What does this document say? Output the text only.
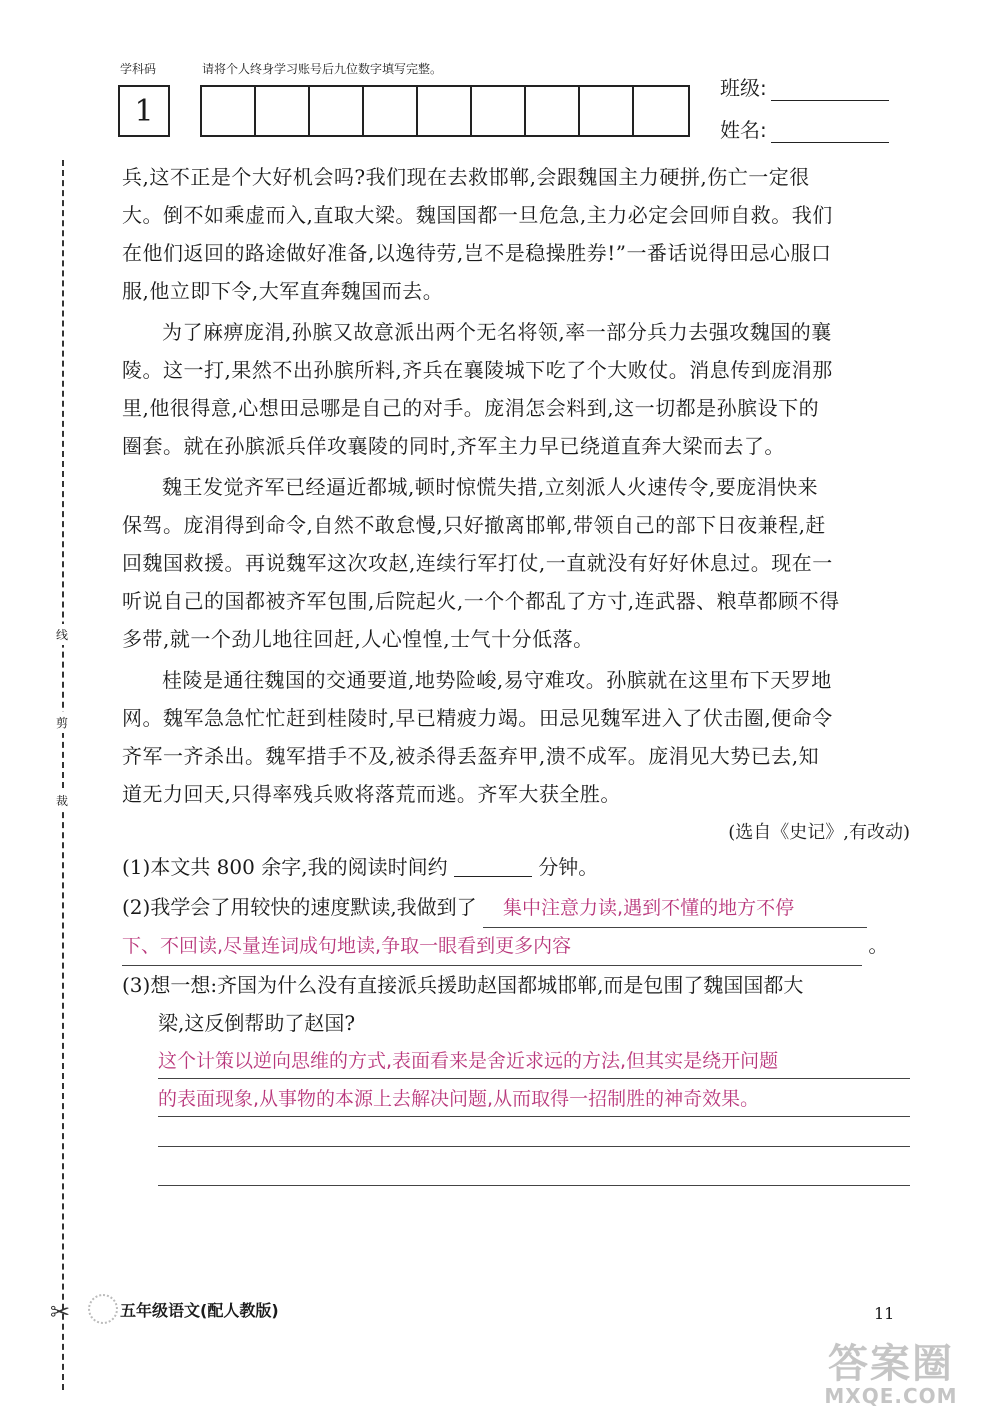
学科码	请将个人终身学习账号后九位数字填写完整。
1
班级:
姓名:
线
剪
裁
兵,这不正是个大好机会吗?我们现在去救邯郸,会跟魏国主力硬拼,伤亡一定很
大。倒不如乘虚而入,直取大梁。魏国国都一旦危急,主力必定会回师自救。我们
在他们返回的路途做好准备,以逸待劳,岂不是稳操胜券!”一番话说得田忌心服口
服,他立即下令,大军直奔魏国而去。
为了麻痹庞涓,孙膑又故意派出两个无名将领,率一部分兵力去强攻魏国的襄
陵。这一打,果然不出孙膑所料,齐兵在襄陵城下吃了个大败仗。消息传到庞涓那
里,他很得意,心想田忌哪是自己的对手。庞涓怎会料到,这一切都是孙膑设下的
圈套。就在孙膑派兵佯攻襄陵的同时,齐军主力早已绕道直奔大梁而去了。
魏王发觉齐军已经逼近都城,顿时惊慌失措,立刻派人火速传令,要庞涓快来
保驾。庞涓得到命令,自然不敢怠慢,只好撤离邯郸,带领自己的部下日夜兼程,赶
回魏国救援。再说魏军这次攻赵,连续行军打仗,一直就没有好好休息过。现在一
听说自己的国都被齐军包围,后院起火,一个个都乱了方寸,连武器、粮草都顾不得
多带,就一个劲儿地往回赶,人心惶惶,士气十分低落。
桂陵是通往魏国的交通要道,地势险峻,易守难攻。孙膑就在这里布下天罗地
网。魏军急急忙忙赶到桂陵时,早已精疲力竭。田忌见魏军进入了伏击圈,便命令
齐军一齐杀出。魏军措手不及,被杀得丢盔弃甲,溃不成军。庞涓见大势已去,知
道无力回天,只得率残兵败将落荒而逃。齐军大获全胜。
(选自《史记》,有改动)
(1)本文共 800 余字,我的阅读时间约	分钟。
(2)我学会了用较快的速度默读,我做到了 集中注意力读,遇到不懂的地方不停
下、不回读,尽量连词成句地读,争取一眼看到更多内容	。
(3)想一想:齐国为什么没有直接派兵援助赵国都城邯郸,而是包围了魏国国都大
梁,这反倒帮助了赵国?
这个计策以逆向思维的方式,表面看来是舍近求远的方法,但其实是绕开问题
的表面现象,从事物的本源上去解决问题,从而取得一招制胜的神奇效果。
✂	五年级语文(配人教版)	11
答案圈
MXQE.COM
